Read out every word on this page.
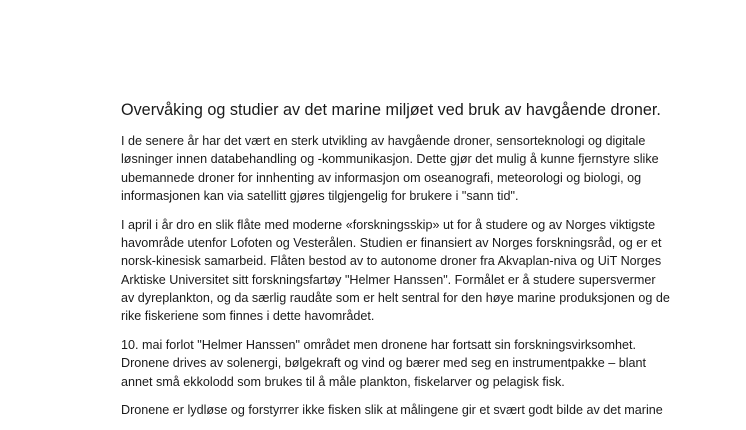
Overvåking og studier av det marine miljøet ved bruk av havgående droner.

I de senere år har det vært en sterk utvikling av havgående droner, sensorteknologi og digitale
løsninger innen databehandling og -kommunikasjon. Dette gjør det mulig å kunne fjernstyre slike
ubemannede droner for innhenting av informasjon om oseanografi, meteorologi og biologi, og
informasjonen kan via satellitt gjøres tilgjengelig for brukere i "sann tid".

I april i år dro en slik flåte med moderne «forskningsskip» ut for å studere og av Norges viktigste
havområde utenfor Lofoten og Vesterålen. Studien er finansiert av Norges forskningsråd, og er et
norsk-kinesisk samarbeid. Flåten bestod av to autonome droner fra Akvaplan-niva og UiT Norges
Arktiske Universitet sitt forskningsfartøy "Helmer Hanssen". Formålet er å studere supersvermer
av dyreplankton, og da særlig raudåte som er helt sentral for den høye marine produksjonen og de
rike fiskeriene som finnes i dette havområdet.

10. mai forlot "Helmer Hanssen" området men dronene har fortsatt sin forskningsvirksomhet.
Dronene drives av solenergi, bølgekraft og vind og bærer med seg en instrumentpakke – blant
annet små ekkolodd som brukes til å måle plankton, fiskelarver og pelagisk fisk.

Dronene er lydløse og forstyrrer ikke fisken slik at målingene gir et svært godt bilde av det marine
